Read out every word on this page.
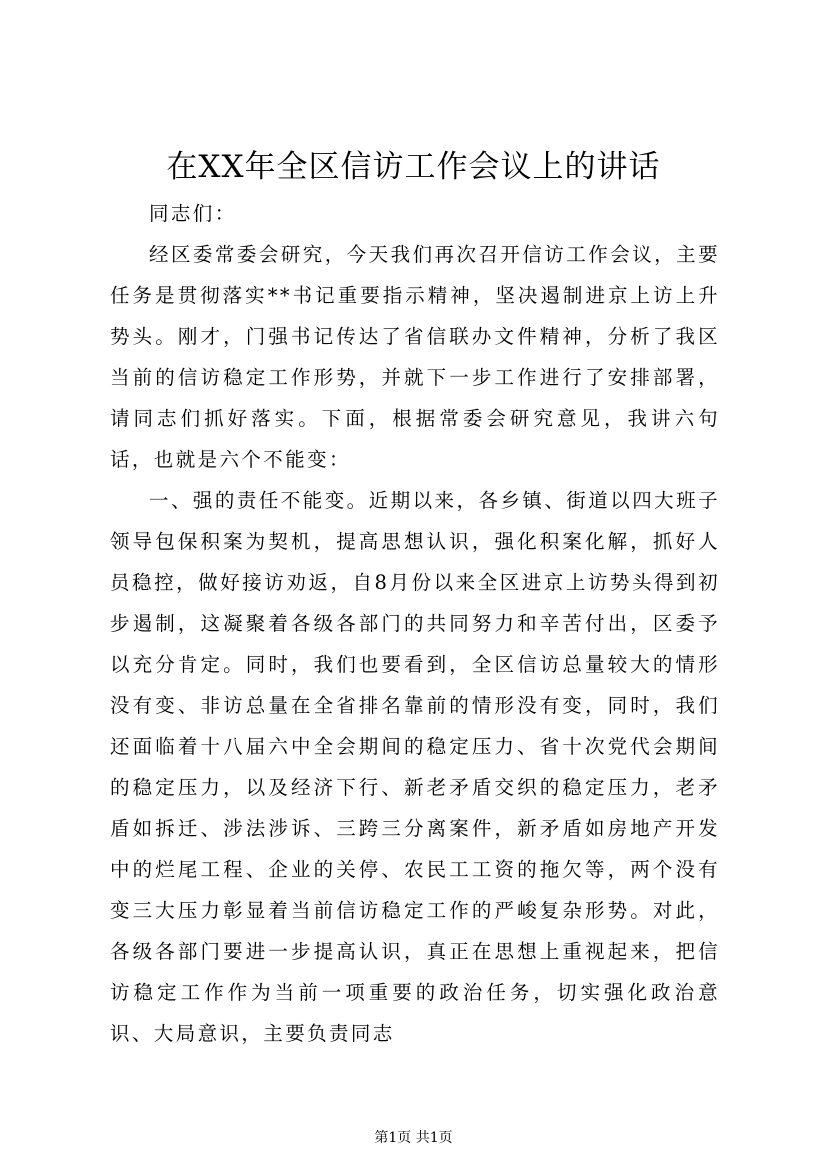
在XX年全区信访工作会议上的讲话

同志们：

经区委常委会研究，今天我们再次召开信访工作会议，主要任务是贯彻落实**书记重要指示精神，坚决遏制进京上访上升势头。刚才，门强书记传达了省信联办文件精神，分析了我区当前的信访稳定工作形势，并就下一步工作进行了安排部署，请同志们抓好落实。下面，根据常委会研究意见，我讲六句话，也就是六个不能变：

一、强的责任不能变。近期以来，各乡镇、街道以四大班子领导包保积案为契机，提高思想认识，强化积案化解，抓好人员稳控，做好接访劝返，自8月份以来全区进京上访势头得到初步遏制，这凝聚着各级各部门的共同努力和辛苦付出，区委予以充分肯定。同时，我们也要看到，全区信访总量较大的情形没有变、非访总量在全省排名靠前的情形没有变，同时，我们还面临着十八届六中全会期间的稳定压力、省十次党代会期间的稳定压力，以及经济下行、新老矛盾交织的稳定压力，老矛盾如拆迁、涉法涉诉、三跨三分离案件，新矛盾如房地产开发中的烂尾工程、企业的关停、农民工工资的拖欠等，两个没有变三大压力彰显着当前信访稳定工作的严峻复杂形势。对此，各级各部门要进一步提高认识，真正在思想上重视起来，把信访稳定工作作为当前一项重要的政治任务，切实强化政治意识、大局意识，主要负责同志

第1页 共1页
